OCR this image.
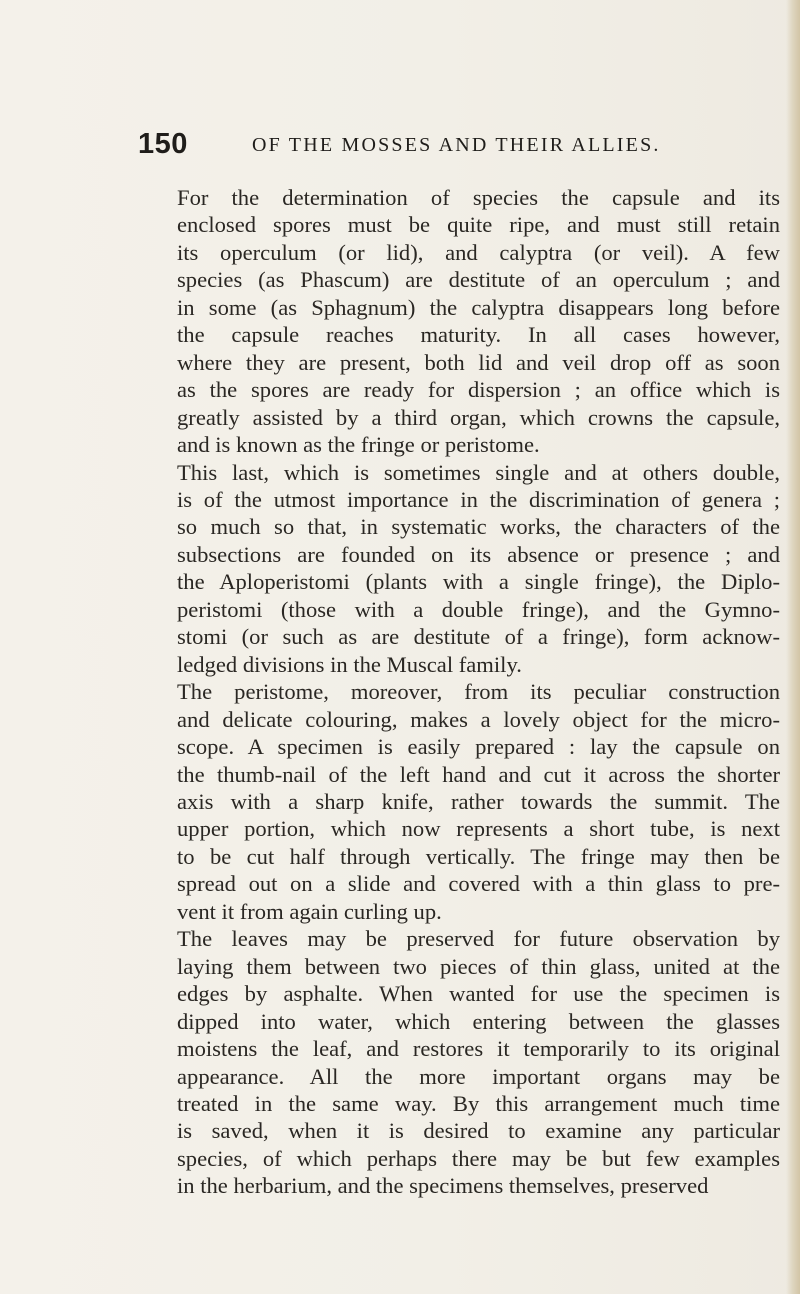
150	OF THE MOSSES AND THEIR ALLIES.
For the determination of species the capsule and its
enclosed spores must be quite ripe, and must still retain
its operculum (or lid), and calyptra (or veil). A few
species (as Phascum) are destitute of an operculum ; and
in some (as Sphagnum) the calyptra disappears long before
the capsule reaches maturity. In all cases however,
where they are present, both lid and veil drop off as soon
as the spores are ready for dispersion ; an office which is
greatly assisted by a third organ, which crowns the capsule,
and is known as the fringe or peristome.
This last, which is sometimes single and at others double,
is of the utmost importance in the discrimination of genera ;
so much so that, in systematic works, the characters of the
subsections are founded on its absence or presence ; and
the Aploperistomi (plants with a single fringe), the Diplo-
peristomi (those with a double fringe), and the Gymno-
stomi (or such as are destitute of a fringe), form acknow-
ledged divisions in the Muscal family.
The peristome, moreover, from its peculiar construction
and delicate colouring, makes a lovely object for the micro-
scope. A specimen is easily prepared : lay the capsule on
the thumb-nail of the left hand and cut it across the shorter
axis with a sharp knife, rather towards the summit. The
upper portion, which now represents a short tube, is next
to be cut half through vertically. The fringe may then be
spread out on a slide and covered with a thin glass to pre-
vent it from again curling up.
The leaves may be preserved for future observation by
laying them between two pieces of thin glass, united at the
edges by asphalte. When wanted for use the specimen is
dipped into water, which entering between the glasses
moistens the leaf, and restores it temporarily to its original
appearance. All the more important organs may be
treated in the same way. By this arrangement much time
is saved, when it is desired to examine any particular
species, of which perhaps there may be but few examples
in the herbarium, and the specimens themselves, preserved
